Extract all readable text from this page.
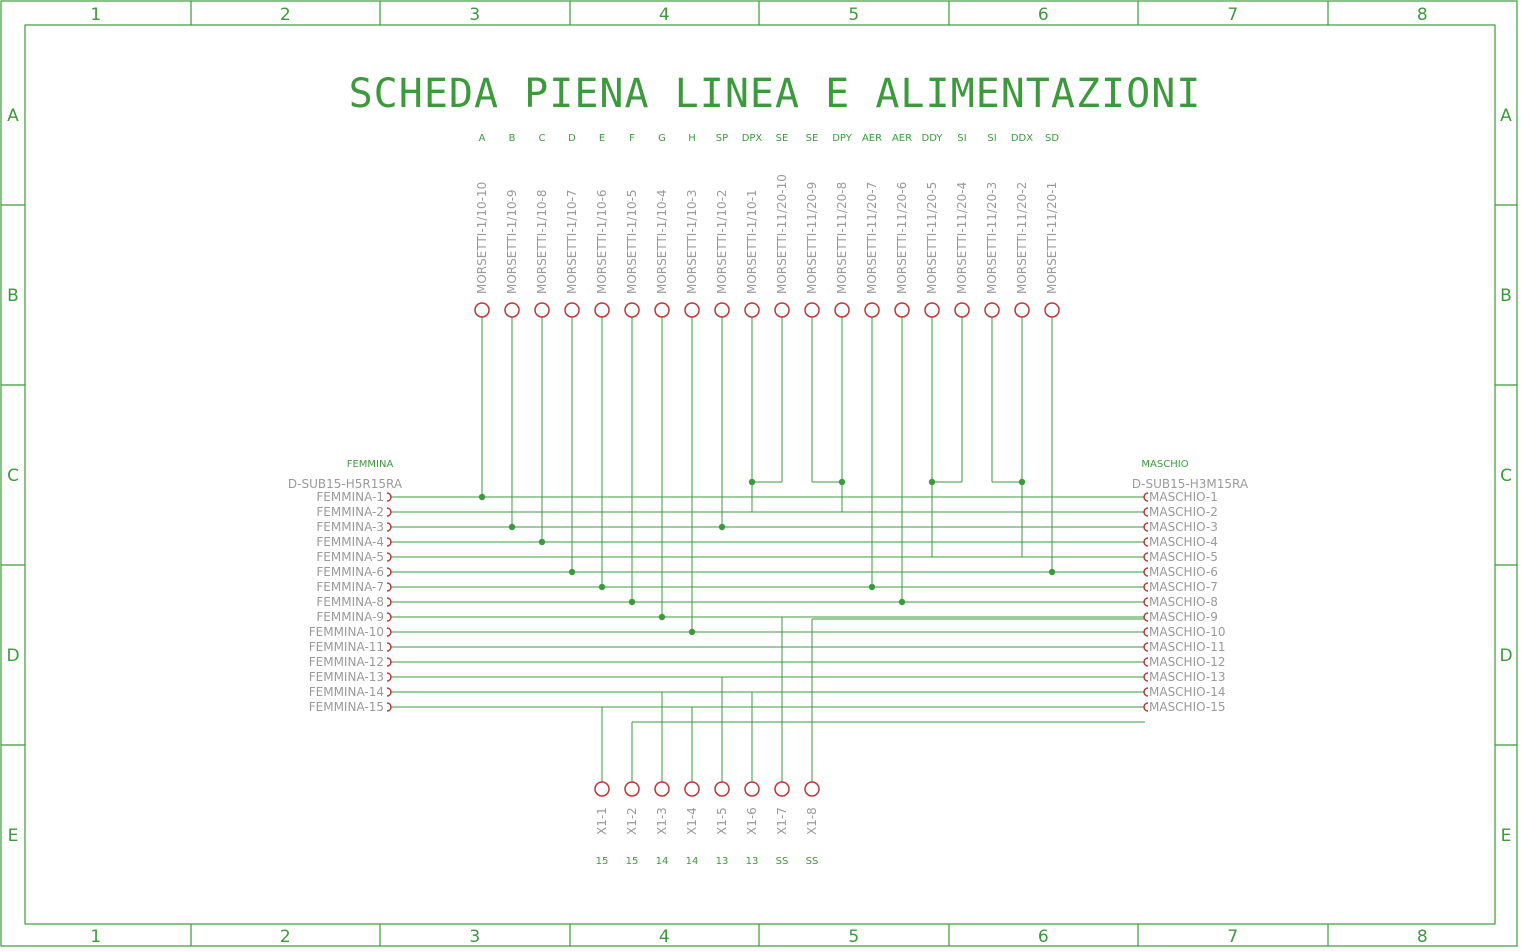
1
1
2
2
3
3
4
4
5
5
6
6
7
7
8
8
A	A
B	B
C	C
D	D
E	E
SCHEDA PIENA LINEA E ALIMENTAZIONI
A
MORSETTI-1/10-10
B
MORSETTI-1/10-9
C
MORSETTI-1/10-8
D
MORSETTI-1/10-7
E
MORSETTI-1/10-6
F
MORSETTI-1/10-5
G
MORSETTI-1/10-4
H
MORSETTI-1/10-3
SP
MORSETTI-1/10-2
DPX
MORSETTI-1/10-1
SE
MORSETTI-11/20-10
SE
MORSETTI-11/20-9
DPY
MORSETTI-11/20-8
AER
MORSETTI-11/20-7
AER
MORSETTI-11/20-6
DDY
MORSETTI-11/20-5
SI
MORSETTI-11/20-4
SI
MORSETTI-11/20-3
DDX
MORSETTI-11/20-2
SD
MORSETTI-11/20-1
FEMMINA
D-SUB15-H5R15RA
FEMMINA-1
FEMMINA-2
FEMMINA-3
FEMMINA-4
FEMMINA-5
FEMMINA-6
FEMMINA-7
FEMMINA-8
FEMMINA-9
FEMMINA-10
FEMMINA-11
FEMMINA-12
FEMMINA-13
FEMMINA-14
FEMMINA-15
MASCHIO
D-SUB15-H3M15RA
MASCHIO-1
MASCHIO-2
MASCHIO-3
MASCHIO-4
MASCHIO-5
MASCHIO-6
MASCHIO-7
MASCHIO-8
MASCHIO-9
MASCHIO-10
MASCHIO-11
MASCHIO-12
MASCHIO-13
MASCHIO-14
MASCHIO-15
X1-1
15
X1-2
15
X1-3
14
X1-4
14
X1-5
13
X1-6
13
X1-7
SS
X1-8
SS
